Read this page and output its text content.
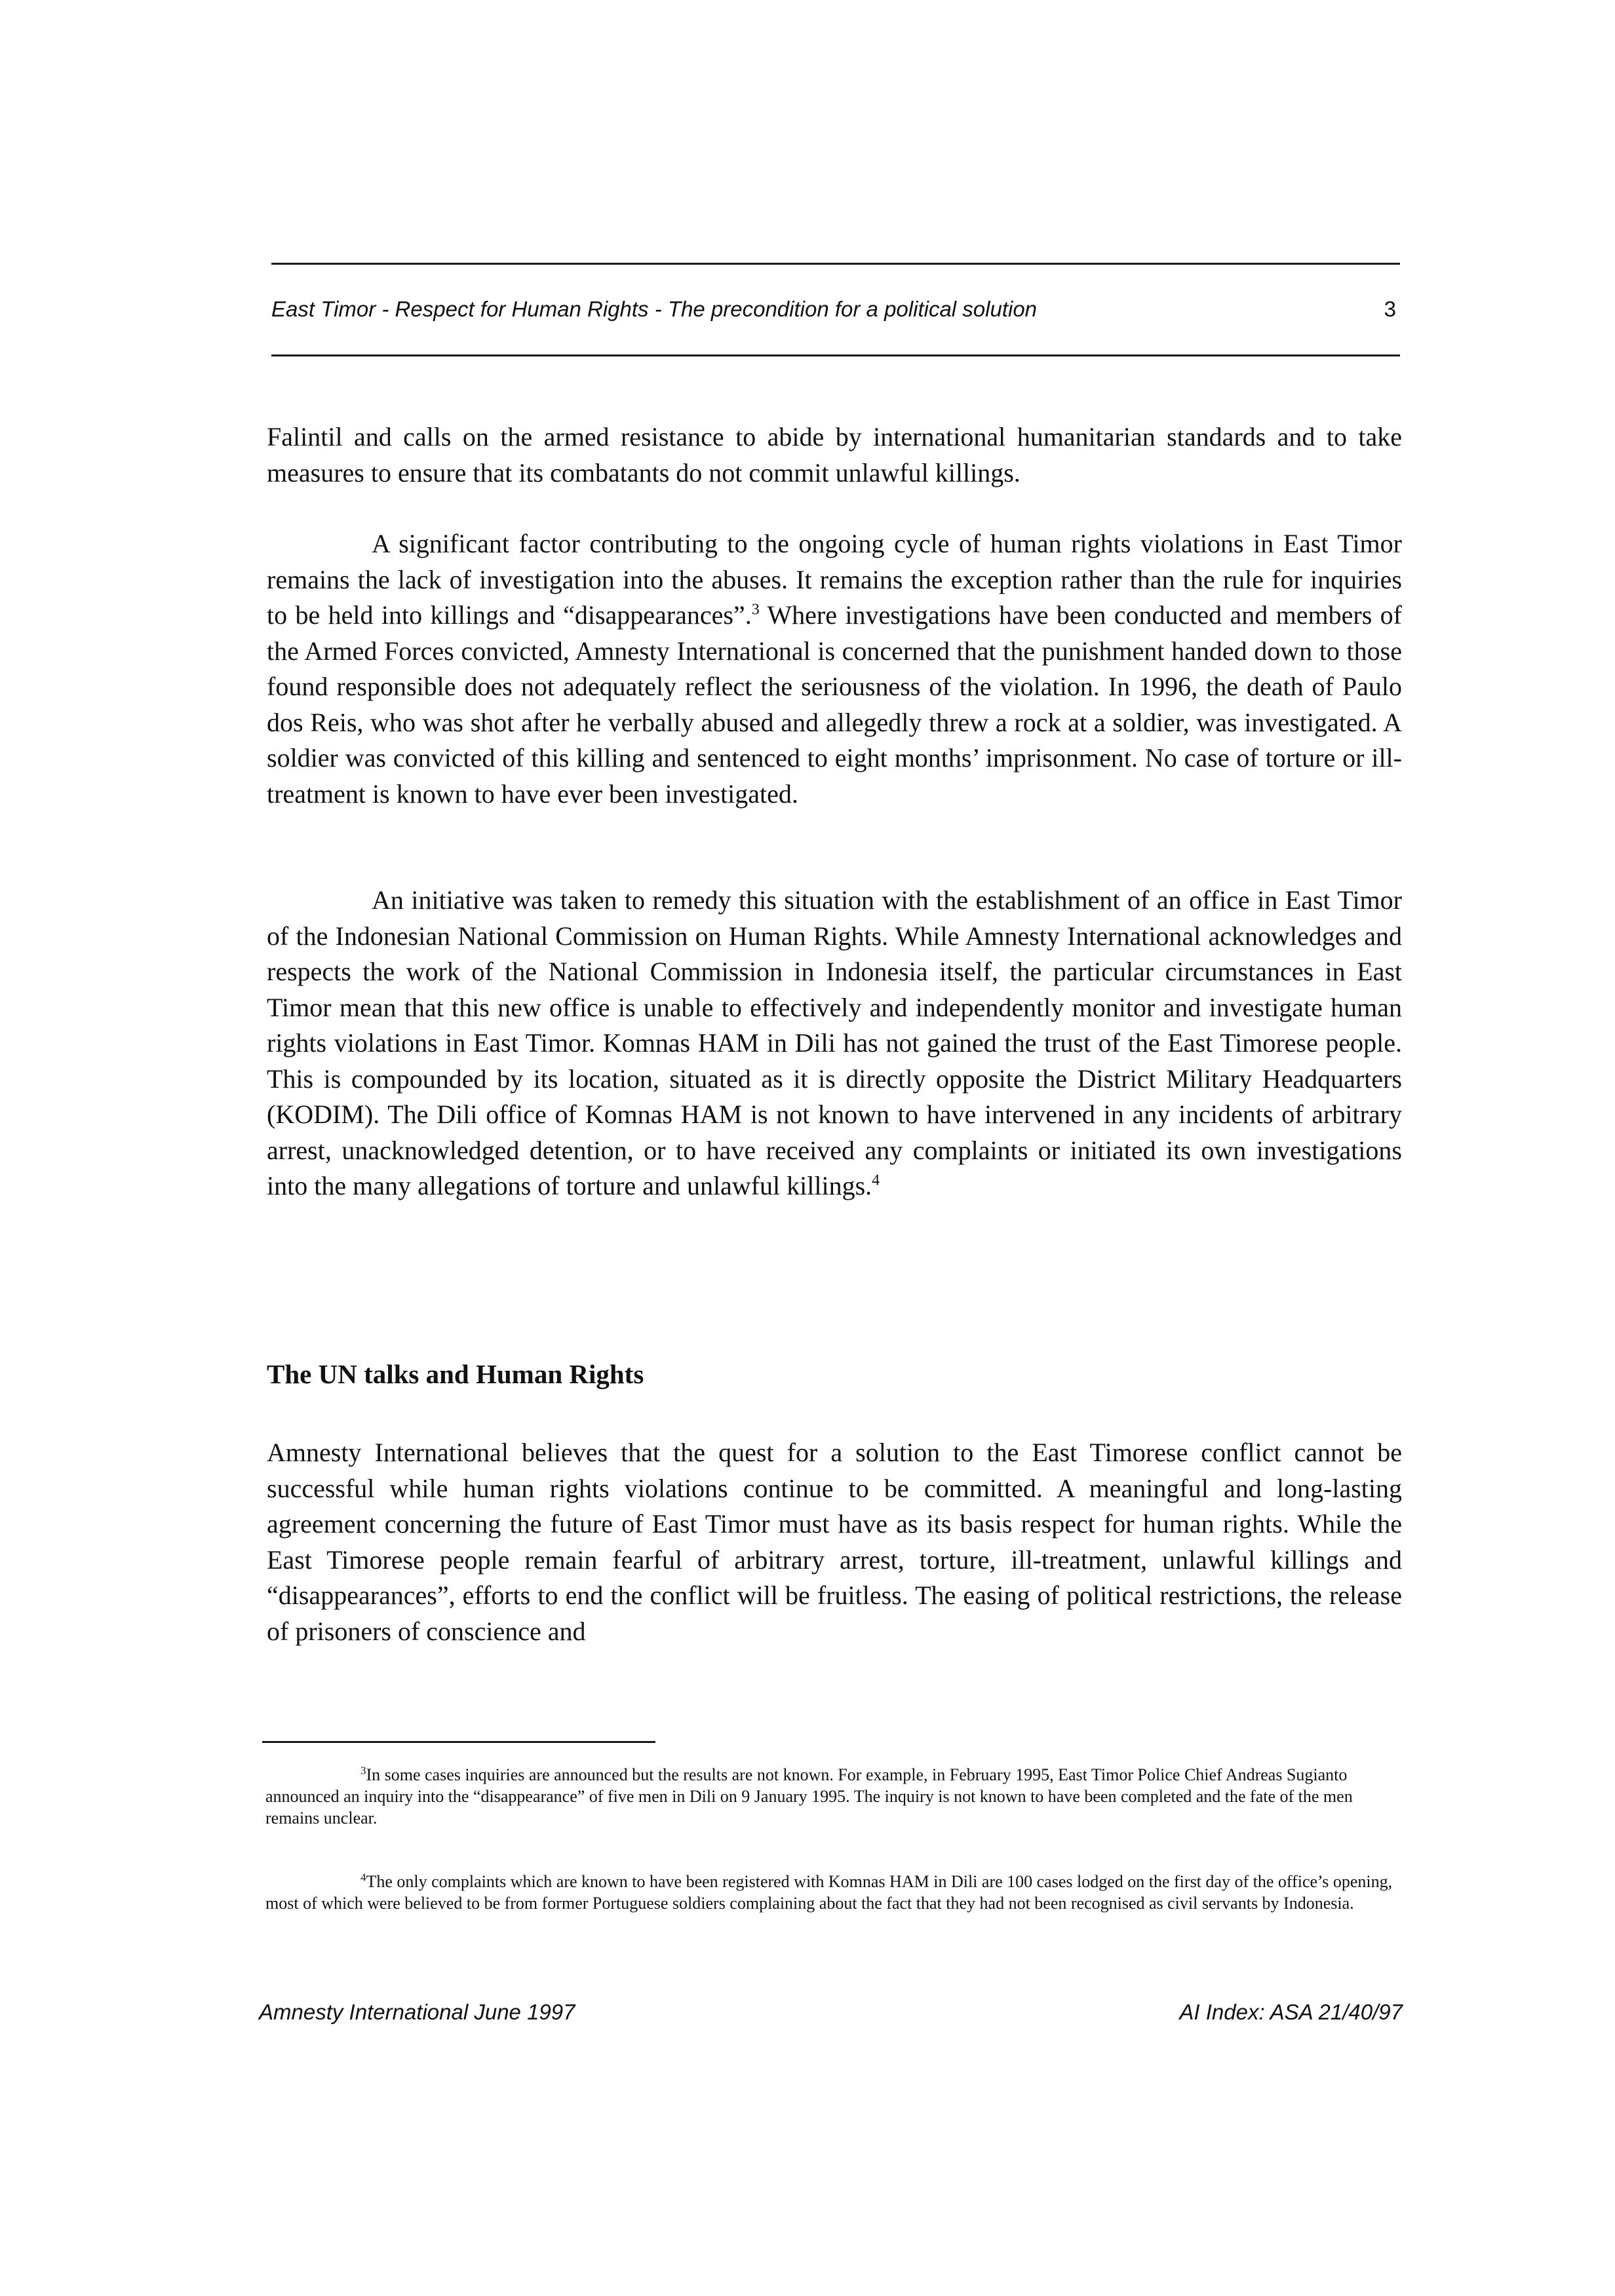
East Timor - Respect for Human Rights - The precondition for a political solution	3

Falintil and calls on the armed resistance to abide by international humanitarian standards and to take measures to ensure that its combatants do not commit unlawful killings.

A significant factor contributing to the ongoing cycle of human rights violations in East Timor remains the lack of investigation into the abuses. It remains the exception rather than the rule for inquiries to be held into killings and “disappearances”.$^3$ Where investigations have been conducted and members of the Armed Forces convicted, Amnesty International is concerned that the punishment handed down to those found responsible does not adequately reflect the seriousness of the violation. In 1996, the death of Paulo dos Reis, who was shot after he verbally abused and allegedly threw a rock at a soldier, was investigated. A soldier was convicted of this killing and sentenced to eight months’ imprisonment. No case of torture or ill-treatment is known to have ever been investigated.

An initiative was taken to remedy this situation with the establishment of an office in East Timor of the Indonesian National Commission on Human Rights. While Amnesty International acknowledges and respects the work of the National Commission in Indonesia itself, the particular circumstances in East Timor mean that this new office is unable to effectively and independently monitor and investigate human rights violations in East Timor. Komnas HAM in Dili has not gained the trust of the East Timorese people. This is compounded by its location, situated as it is directly opposite the District Military Headquarters (KODIM). The Dili office of Komnas HAM is not known to have intervened in any incidents of arbitrary arrest, unacknowledged detention, or to have received any complaints or initiated its own investigations into the many allegations of torture and unlawful killings.$^4$

The UN talks and Human Rights

Amnesty International believes that the quest for a solution to the East Timorese conflict cannot be successful while human rights violations continue to be committed. A meaningful and long-lasting agreement concerning the future of East Timor must have as its basis respect for human rights. While the East Timorese people remain fearful of arbitrary arrest, torture, ill-treatment, unlawful killings and “disappearances”, efforts to end the conflict will be fruitless. The easing of political restrictions, the release of prisoners of conscience and

$^3$In some cases inquiries are announced but the results are not known. For example, in February 1995, East Timor Police Chief Andreas Sugianto announced an inquiry into the “disappearance” of five men in Dili on 9 January 1995. The inquiry is not known to have been completed and the fate of the men remains unclear.

$^4$The only complaints which are known to have been registered with Komnas HAM in Dili are 100 cases lodged on the first day of the office’s opening, most of which were believed to be from former Portuguese soldiers complaining about the fact that they had not been recognised as civil servants by Indonesia.

Amnesty International June 1997	AI Index: ASA 21/40/97
